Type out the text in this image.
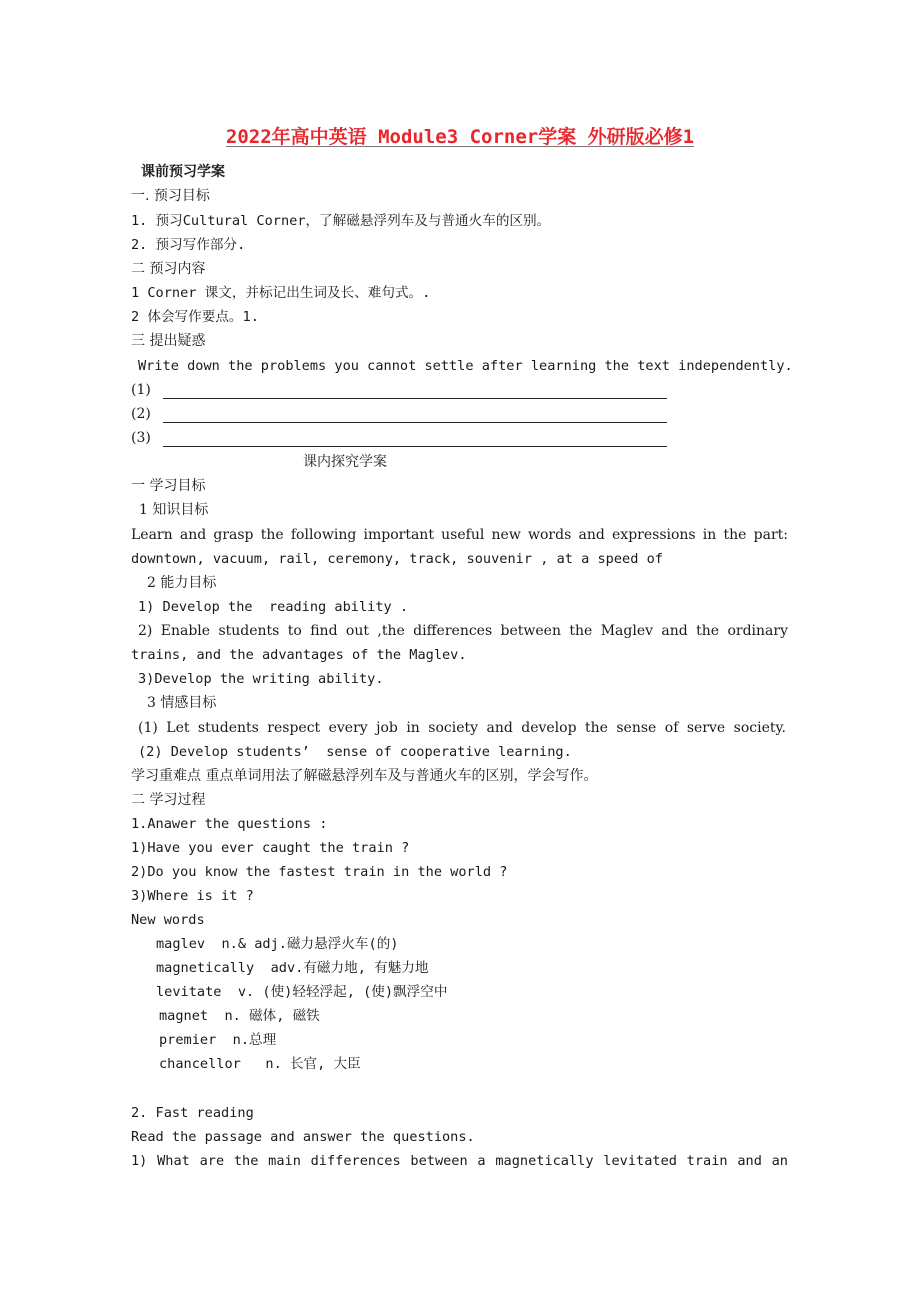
2022年高中英语 Module3 Corner学案 外研版必修1
课前预习学案
一. 预习目标
1. 预习Cultural Corner，了解磁悬浮列车及与普通火车的区别。
2. 预习写作部分.
二 预习内容
1 Corner 课文，并标记出生词及长、难句式。.
2 体会写作要点。1.
三 提出疑惑
Write down the problems you cannot settle after learning the text independently.
(1)
(2)
(3)
课内探究学案
一 学习目标
1 知识目标
Learn and grasp the following important useful new words and expressions in the part:
downtown, vacuum, rail, ceremony, track, souvenir , at a speed of
2 能力目标
1) Develop the  reading ability .
2) Enable students to find out ,the differences between the Maglev and the ordinary
trains, and the advantages of the Maglev.
3)Develop the writing ability.
3 情感目标
(1) Let students respect every job in society and develop the sense of serve society.
(2) Develop students’  sense of cooperative learning.
学习重难点 重点单词用法了解磁悬浮列车及与普通火车的区别，学会写作。
二 学习过程
1.Anawer the questions :
1)Have you ever caught the train ?
2)Do you know the fastest train in the world ?
3)Where is it ?
New words
maglev  n.& adj.磁力悬浮火车(的)
magnetically  adv.有磁力地, 有魅力地
levitate  v. (使)轻轻浮起, (使)飘浮空中
magnet  n. 磁体, 磁铁
premier  n.总理
chancellor   n. 长官, 大臣
2. Fast reading
Read the passage and answer the questions.
1) What are the main differences between a magnetically levitated train and an
